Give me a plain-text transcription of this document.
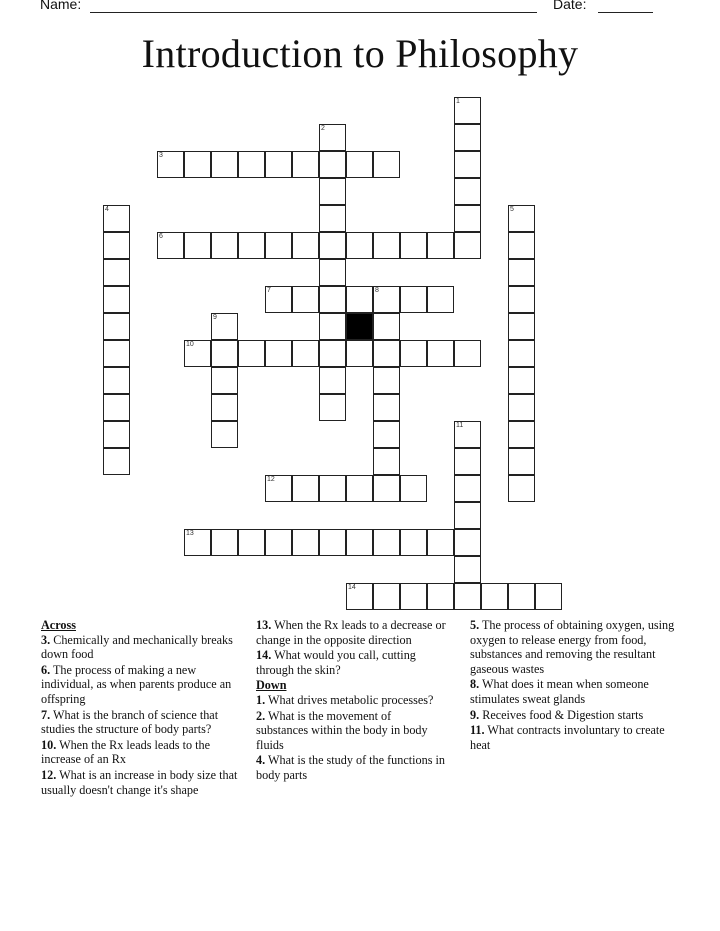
Name:	Date:
Introduction to Philosophy
1
2
3
4	5
6
7	8
9
10
11
12
13
14
Across
3. Chemically and mechanically breaks down food
6. The process of making a new individual, as when parents produce an offspring
7. What is the branch of science that studies the structure of body parts?
10. When the Rx leads leads to the increase of an Rx
12. What is an increase in body size that usually doesn't change it's shape
13. When the Rx leads to a decrease or change in the opposite direction
14. What would you call, cutting through the skin?
Down
1. What drives metabolic processes?
2. What is the movement of substances within the body in body fluids
4. What is the study of the functions in body parts
5. The process of obtaining oxygen, using oxygen to release energy from food, substances and removing the resultant gaseous wastes
8. What does it mean when someone stimulates sweat glands
9. Receives food & Digestion starts
11. What contracts involuntary to create heat
